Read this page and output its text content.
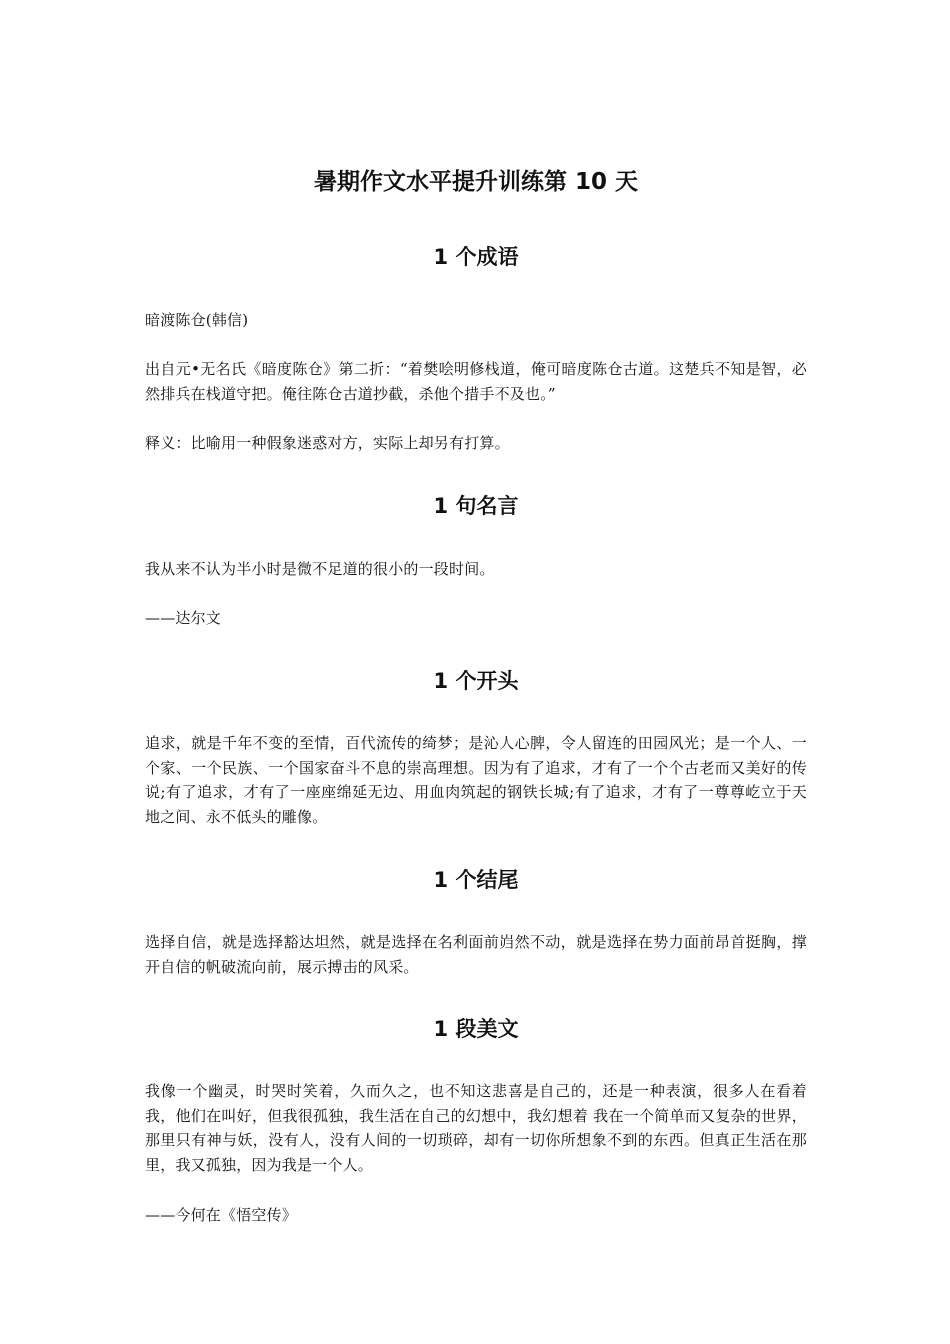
暑期作文水平提升训练第 10 天
1 个成语

暗渡陈仓(韩信)

出自元•无名氏《暗度陈仓》第二折：“着樊哙明修栈道，俺可暗度陈仓古道。这楚兵不知是智，必然排兵在栈道守把。俺往陈仓古道抄截，杀他个措手不及也。”

释义：比喻用一种假象迷惑对方，实际上却另有打算。

1 句名言

我从来不认为半小时是微不足道的很小的一段时间。

——达尔文

1 个开头

追求，就是千年不变的至情，百代流传的绮梦；是沁人心脾，令人留连的田园风光；是一个人、一个家、一个民族、一个国家奋斗不息的崇高理想。因为有了追求，才有了一个个古老而又美好的传说;有了追求，才有了一座座绵延无边、用血肉筑起的钢铁长城;有了追求，才有了一尊尊屹立于天地之间、永不低头的雕像。

1 个结尾

选择自信，就是选择豁达坦然，就是选择在名利面前岿然不动，就是选择在势力面前昂首挺胸，撑开自信的帆破流向前，展示搏击的风采。

1 段美文

我像一个幽灵，时哭时笑着，久而久之，也不知这悲喜是自己的，还是一种表演，很多人在看着我，他们在叫好，但我很孤独，我生活在自己的幻想中，我幻想着 我在一个简单而又复杂的世界，那里只有神与妖，没有人，没有人间的一切琐碎，却有一切你所想象不到的东西。但真正生活在那里，我又孤独，因为我是一个人。

——今何在《悟空传》
